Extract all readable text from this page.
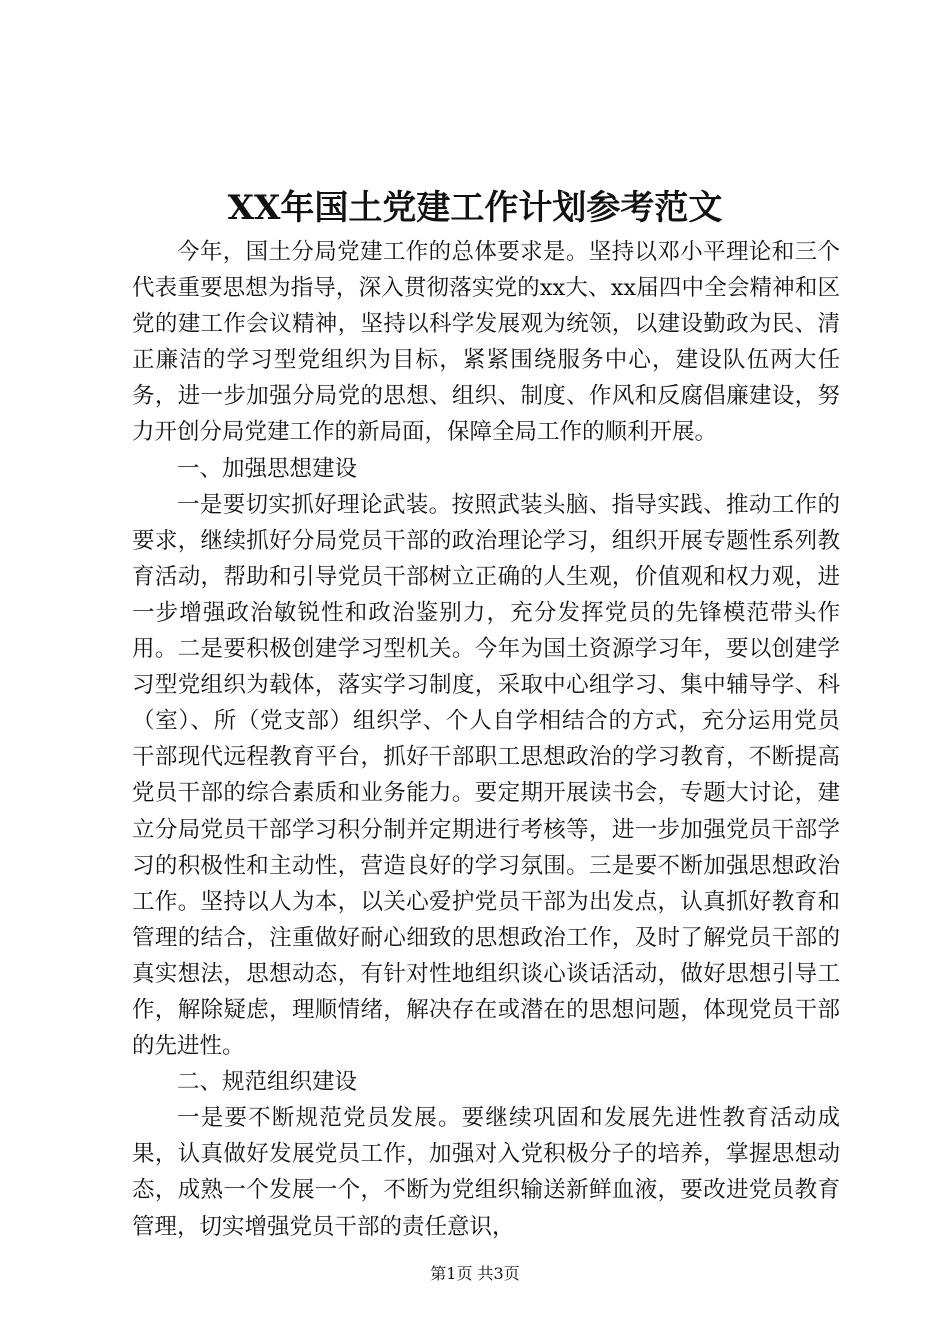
XX年国土党建工作计划参考范文

今年，国土分局党建工作的总体要求是。坚持以邓小平理论和三个代表重要思想为指导，深入贯彻落实党的xx大、xx届四中全会精神和区党的建工作会议精神，坚持以科学发展观为统领，以建设勤政为民、清正廉洁的学习型党组织为目标，紧紧围绕服务中心，建设队伍两大任务，进一步加强分局党的思想、组织、制度、作风和反腐倡廉建设，努力开创分局党建工作的新局面，保障全局工作的顺利开展。

一、加强思想建设

一是要切实抓好理论武装。按照武装头脑、指导实践、推动工作的要求，继续抓好分局党员干部的政治理论学习，组织开展专题性系列教育活动，帮助和引导党员干部树立正确的人生观，价值观和权力观，进一步增强政治敏锐性和政治鉴别力，充分发挥党员的先锋模范带头作用。二是要积极创建学习型机关。今年为国土资源学习年，要以创建学习型党组织为载体，落实学习制度，采取中心组学习、集中辅导学、科（室）、所（党支部）组织学、个人自学相结合的方式，充分运用党员干部现代远程教育平台，抓好干部职工思想政治的学习教育，不断提高党员干部的综合素质和业务能力。要定期开展读书会，专题大讨论，建立分局党员干部学习积分制并定期进行考核等，进一步加强党员干部学习的积极性和主动性，营造良好的学习氛围。三是要不断加强思想政治工作。坚持以人为本，以关心爱护党员干部为出发点，认真抓好教育和管理的结合，注重做好耐心细致的思想政治工作，及时了解党员干部的真实想法，思想动态，有针对性地组织谈心谈话活动，做好思想引导工作，解除疑虑，理顺情绪，解决存在或潜在的思想问题，体现党员干部的先进性。

二、规范组织建设

一是要不断规范党员发展。要继续巩固和发展先进性教育活动成果，认真做好发展党员工作，加强对入党积极分子的培养，掌握思想动态，成熟一个发展一个，不断为党组织输送新鲜血液，要改进党员教育管理，切实增强党员干部的责任意识，

第1页 共3页
